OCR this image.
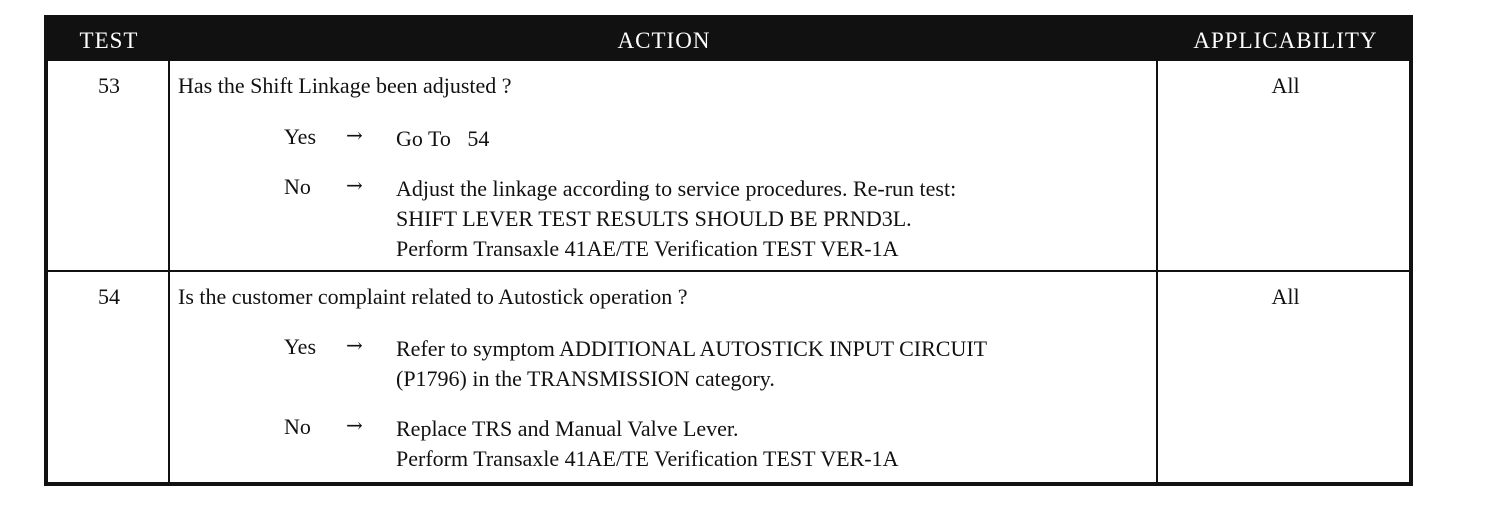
TEST	ACTION	APPLICABILITY
53	Has the Shift Linkage been adjusted ?	All
Yes	→	Go To   54
No	→	Adjust the linkage according to service procedures. Re-run test:
SHIFT LEVER TEST RESULTS SHOULD BE PRND3L.
Perform Transaxle 41AE/TE Verification TEST VER-1A
54	Is the customer complaint related to Autostick operation ?	All
Yes	→	Refer to symptom ADDITIONAL AUTOSTICK INPUT CIRCUIT
(P1796) in the TRANSMISSION category.
No	→	Replace TRS and Manual Valve Lever.
Perform Transaxle 41AE/TE Verification TEST VER-1A
